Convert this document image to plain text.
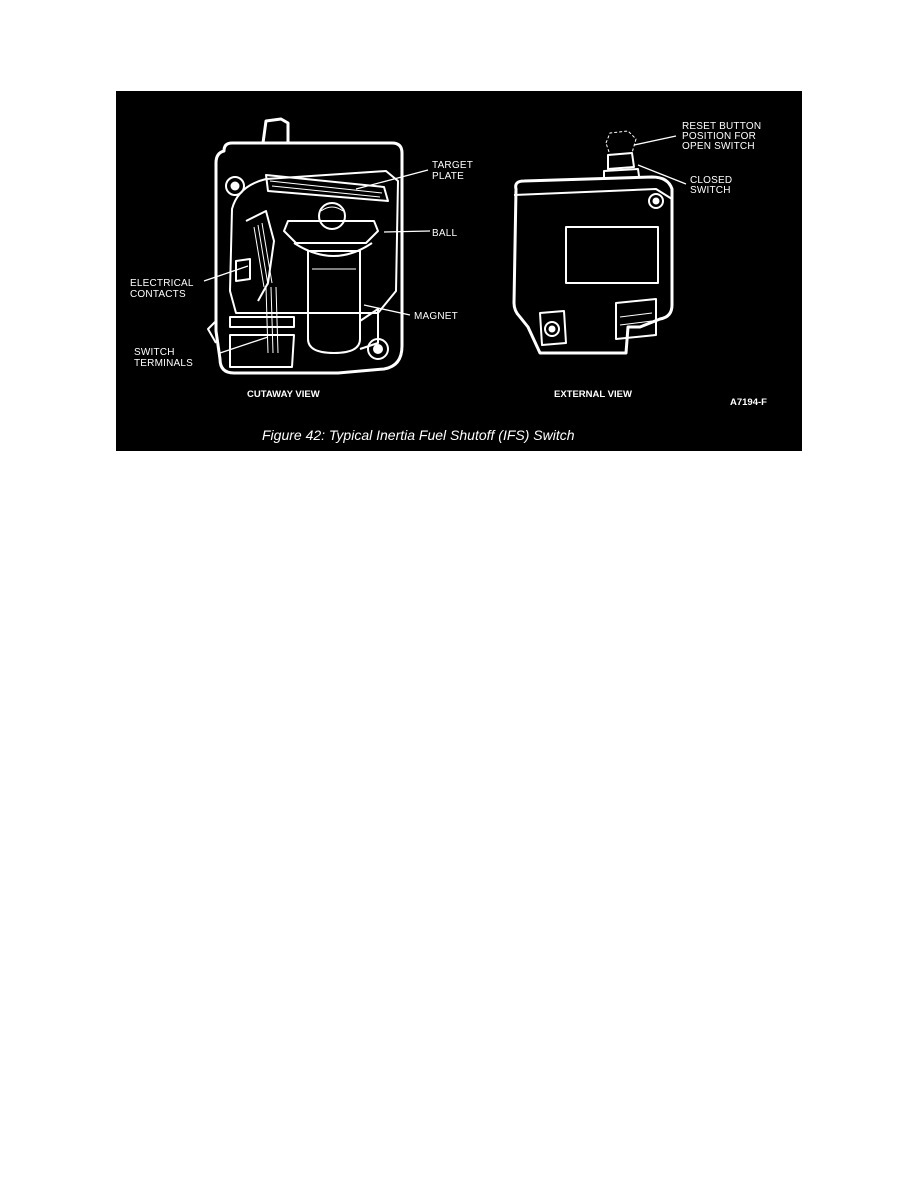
TARGET
PLATE
BALL
ELECTRICAL
CONTACTS
MAGNET
SWITCH
TERMINALS
CUTAWAY VIEW
RESET BUTTON
POSITION FOR
OPEN SWITCH
CLOSED
SWITCH
EXTERNAL VIEW
A7194-F
Figure 42: Typical Inertia Fuel Shutoff (IFS) Switch
